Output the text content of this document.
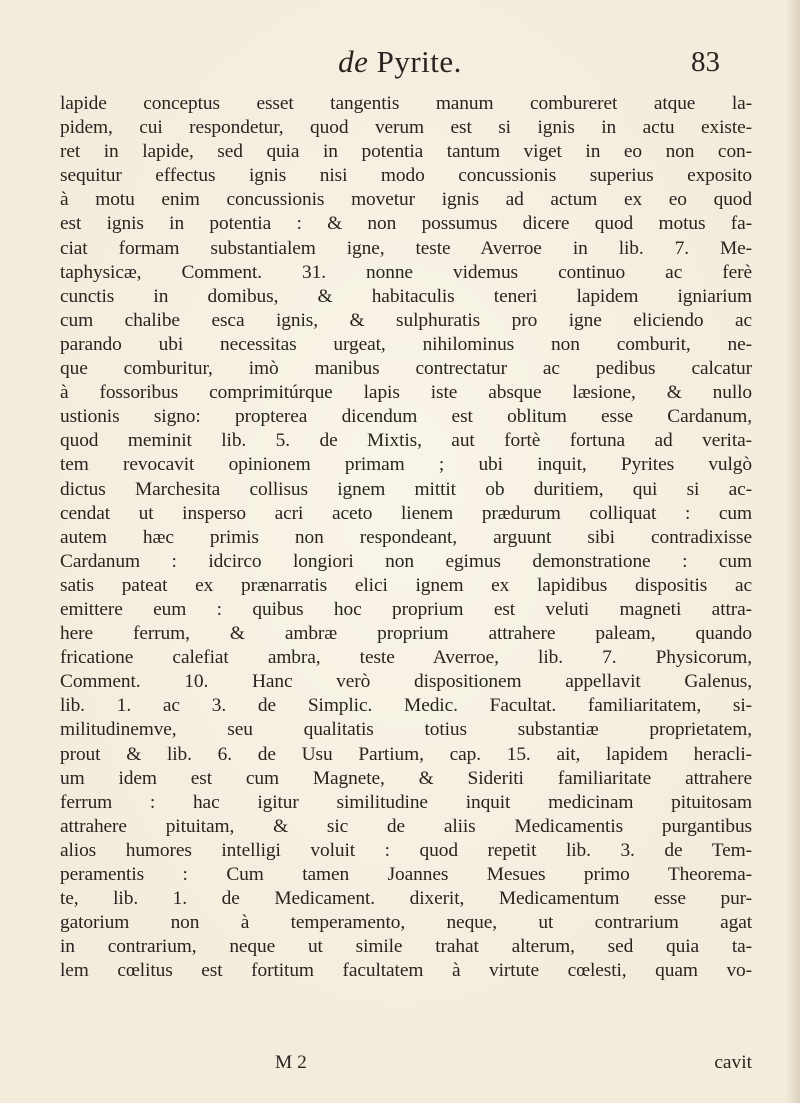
de Pyrite.	83
lapide conceptus esset tangentis manum combureret atque la-
pidem, cui respondetur, quod verum est si ignis in actu existe-
ret in lapide, sed quia in potentia tantum viget in eo non con-
sequitur effectus ignis nisi modo concussionis superius exposito
à motu enim concussionis movetur ignis ad actum ex eo quod
est ignis in potentia : & non possumus dicere quod motus fa-
ciat formam substantialem igne, teste Averroe in lib. 7. Me-
taphysicæ, Comment. 31. nonne videmus continuo ac ferè
cunctis in domibus, & habitaculis teneri lapidem igniarium
cum chalibe esca ignis, & sulphuratis pro igne eliciendo ac
parando ubi necessitas urgeat, nihilominus non comburit, ne-
que comburitur, imò manibus contrectatur ac pedibus calcatur
à fossoribus comprimitúrque lapis iste absque læsione, & nullo
ustionis signo: propterea dicendum est oblitum esse Cardanum,
quod meminit lib. 5. de Mixtis, aut fortè fortuna ad verita-
tem revocavit opinionem primam ; ubi inquit, Pyrites vulgò
dictus Marchesita collisus ignem mittit ob duritiem, qui si ac-
cendat ut insperso acri aceto lienem prædurum colliquat : cum
autem hæc primis non respondeant, arguunt sibi contradixisse
Cardanum : idcirco longiori non egimus demonstratione : cum
satis pateat ex prænarratis elici ignem ex lapidibus dispositis ac
emittere eum : quibus hoc proprium est veluti magneti attra-
here ferrum, & ambræ proprium attrahere paleam, quando
fricatione calefiat ambra, teste Averroe, lib. 7. Physicorum,
Comment. 10. Hanc verò dispositionem appellavit Galenus,
lib. 1. ac 3. de Simplic. Medic. Facultat. familiaritatem, si-
militudinemve, seu qualitatis totius substantiæ proprietatem,
prout & lib. 6. de Usu Partium, cap. 15. ait, lapidem heracli-
um idem est cum Magnete, & Sideriti familiaritate attrahere
ferrum : hac igitur similitudine inquit medicinam pituitosam
attrahere pituitam, & sic de aliis Medicamentis purgantibus
alios humores intelligi voluit : quod repetit lib. 3. de Tem-
peramentis : Cum tamen Joannes Mesues primo Theorema-
te, lib. 1. de Medicament. dixerit, Medicamentum esse pur-
gatorium non à temperamento, neque, ut contrarium agat
in contrarium, neque ut simile trahat alterum, sed quia ta-
lem cœlitus est fortitum facultatem à virtute cœlesti, quam vo-
M 2	cavit
